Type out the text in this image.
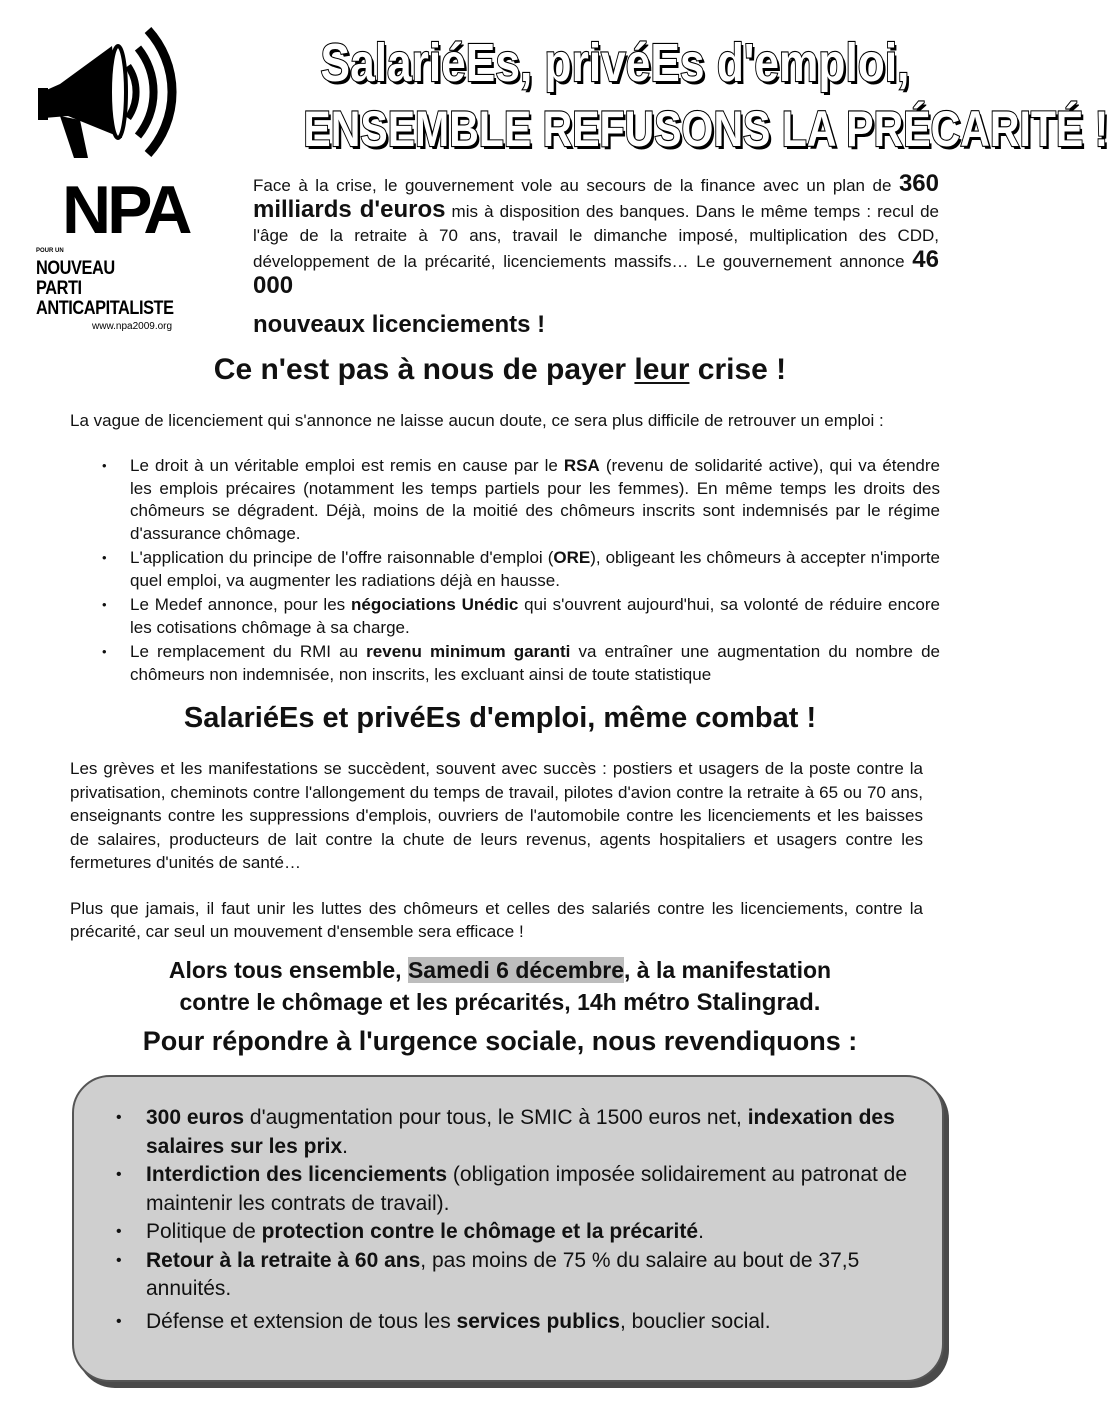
NPA
POUR UN
NOUVEAU
PARTI
ANTICAPITALISTE
www.npa2009.org
SalariéEs, privéEs d'emploi,
ENSEMBLE REFUSONS LA PRÉCARITÉ !
Face à la crise, le gouvernement vole au secours de la finance avec un plan de 360 milliards d'euros mis à disposition des banques. Dans le même temps : recul de l'âge de la retraite à 70 ans, travail le dimanche imposé, multiplication des CDD, développement de la précarité, licenciements massifs… Le gouvernement annonce 46 000
nouveaux licenciements !
Ce n'est pas à nous de payer leur crise !
La vague de licenciement qui s'annonce ne laisse aucun doute, ce sera plus difficile de retrouver un emploi :
• Le droit à un véritable emploi est remis en cause par le RSA (revenu de solidarité active), qui va étendre les emplois précaires (notamment les temps partiels pour les femmes). En même temps les droits des chômeurs se dégradent. Déjà, moins de la moitié des chômeurs inscrits sont indemnisés par le régime d'assurance chômage.
• L'application du principe de l'offre raisonnable d'emploi (ORE), obligeant les chômeurs à accepter n'importe quel emploi, va augmenter les radiations déjà en hausse.
• Le Medef annonce, pour les négociations Unédic qui s'ouvrent aujourd'hui, sa volonté de réduire encore les cotisations chômage à sa charge.
• Le remplacement du RMI au revenu minimum garanti va entraîner une augmentation du nombre de chômeurs non indemnisée, non inscrits, les excluant ainsi de toute statistique
SalariéEs et privéEs d'emploi, même combat !
Les grèves et les manifestations se succèdent, souvent avec succès : postiers et usagers de la poste contre la privatisation, cheminots contre l'allongement du temps de travail, pilotes d'avion contre la retraite à 65 ou 70 ans, enseignants contre les suppressions d'emplois, ouvriers de l'automobile contre les licenciements et les baisses de salaires, producteurs de lait contre la chute de leurs revenus, agents hospitaliers et usagers contre les fermetures d'unités de santé…
Plus que jamais, il faut unir les luttes des chômeurs et celles des salariés contre les licenciements, contre la précarité, car seul un mouvement d'ensemble sera efficace !
Alors tous ensemble, Samedi 6 décembre, à la manifestation
contre le chômage et les précarités, 14h métro Stalingrad.
Pour répondre à l'urgence sociale, nous revendiquons :
• 300 euros d'augmentation pour tous, le SMIC à 1500 euros net, indexation des salaires sur les prix.
• Interdiction des licenciements (obligation imposée solidairement au patronat de maintenir les contrats de travail).
• Politique de protection contre le chômage et la précarité.
• Retour à la retraite à 60 ans, pas moins de 75 % du salaire au bout de 37,5 annuités.
• Défense et extension de tous les services publics, bouclier social.
